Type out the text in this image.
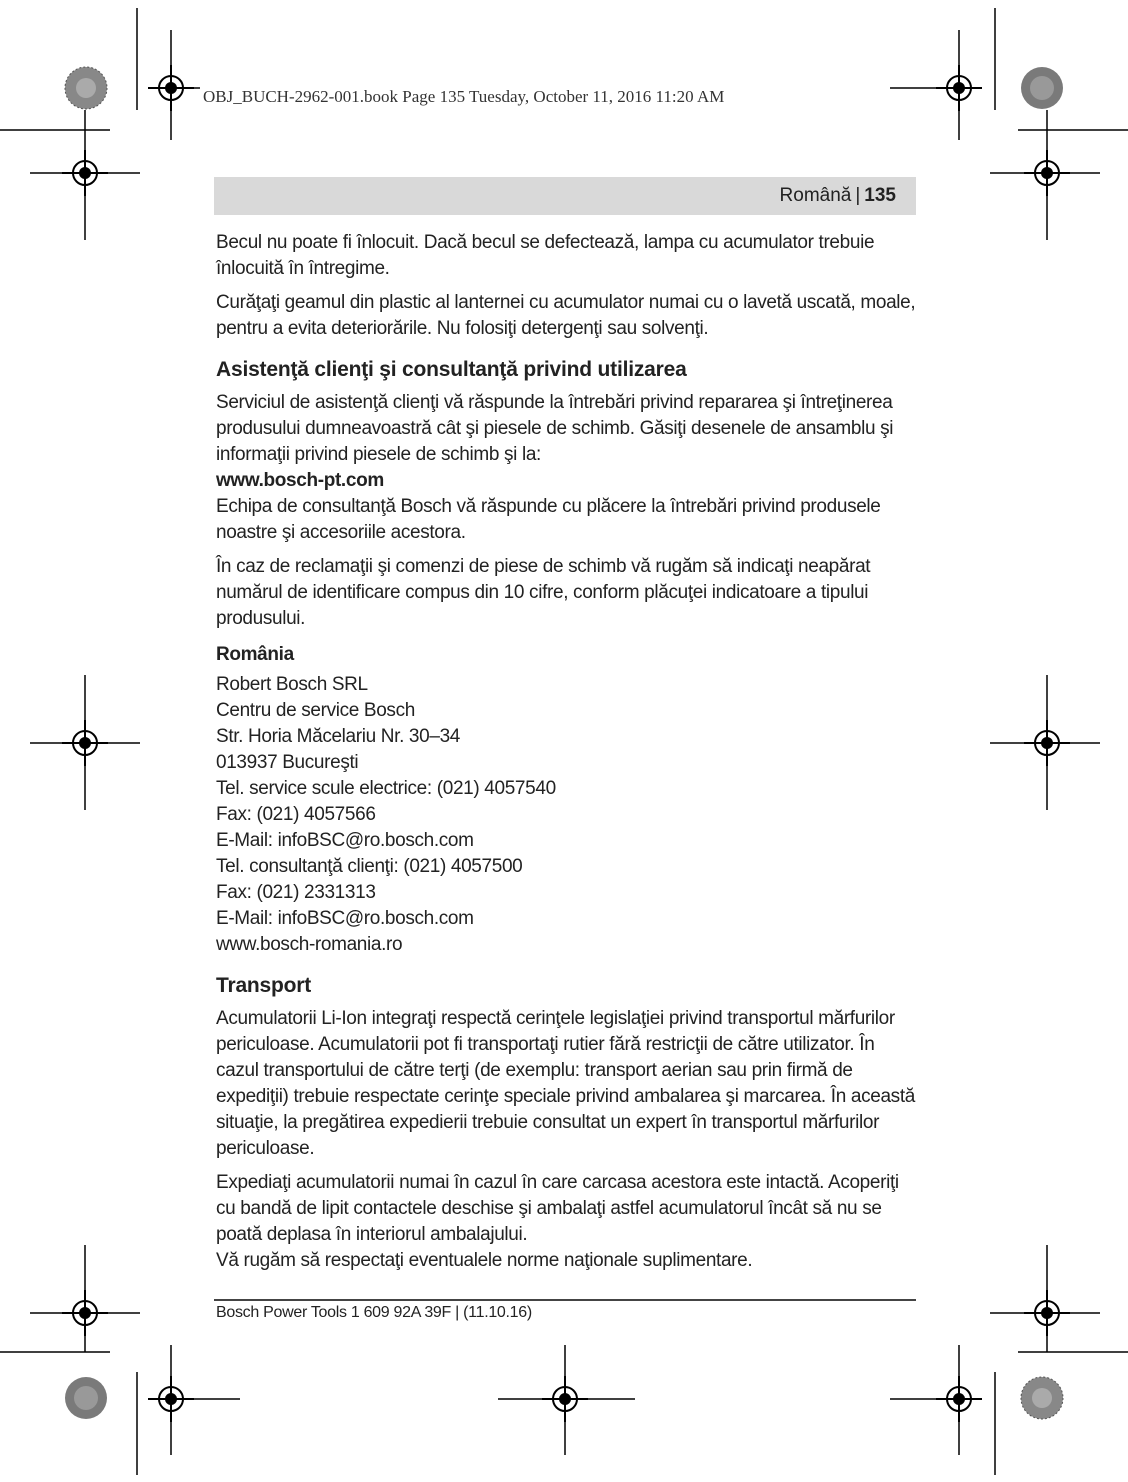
OBJ_BUCH-2962-001.book Page 135 Tuesday, October 11, 2016 11:20 AM
Română | 135

Becul nu poate fi înlocuit. Dacă becul se defectează, lampa cu acumulator trebuie înlocuită în întregime.

Curăţaţi geamul din plastic al lanternei cu acumulator numai cu o lavetă uscată, moale, pentru a evita deteriorările. Nu folosiţi detergenţi sau solvenţi.

Asistenţă clienţi şi consultanţă privind utilizarea

Serviciul de asistenţă clienţi vă răspunde la întrebări privind repararea şi întreţinerea produsului dumneavoastră cât şi piesele de schimb. Găsiţi desenele de ansamblu şi informaţii privind piesele de schimb şi la:

www.bosch-pt.com

Echipa de consultanţă Bosch vă răspunde cu plăcere la întrebări privind produsele noastre şi accesoriile acestora.

În caz de reclamaţii şi comenzi de piese de schimb vă rugăm să indicaţi neapărat numărul de identificare compus din 10 cifre, conform plăcuţei indicatoare a tipului produsului.

România

Robert Bosch SRL
Centru de service Bosch
Str. Horia Măcelariu Nr. 30–34
013937 Bucureşti
Tel. service scule electrice: (021) 4057540
Fax: (021) 4057566
E-Mail: infoBSC@ro.bosch.com
Tel. consultanţă clienţi: (021) 4057500
Fax: (021) 2331313
E-Mail: infoBSC@ro.bosch.com
www.bosch-romania.ro
Transport

Acumulatorii Li-Ion integraţi respectă cerinţele legislaţiei privind transportul mărfurilor periculoase. Acumulatorii pot fi transportaţi rutier fără restricţii de către utilizator. În cazul transportului de către terţi (de exemplu: transport aerian sau prin firmă de expediţii) trebuie respectate cerinţe speciale privind ambalarea şi marcarea. În această situaţie, la pregătirea expedierii trebuie consultat un expert în transportul mărfurilor periculoase.

Expediaţi acumulatorii numai în cazul în care carcasa acestora este intactă. Acoperiţi cu bandă de lipit contactele deschise şi ambalaţi astfel acumulatorul încât să nu se poată deplasa în interiorul ambalajului.

Vă rugăm să respectaţi eventualele norme naţionale suplimentare.

Bosch Power Tools 1 609 92A 39F | (11.10.16)
